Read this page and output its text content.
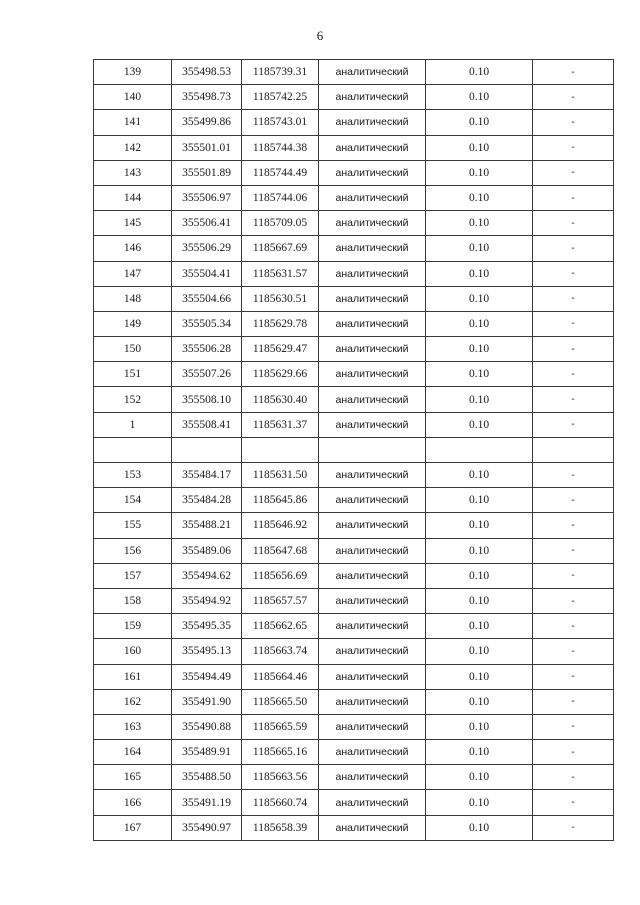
6
139	355498.53	1185739.31	аналитический	0.10	-
140	355498.73	1185742.25	аналитический	0.10	-
141	355499.86	1185743.01	аналитический	0.10	-
142	355501.01	1185744.38	аналитический	0.10	-
143	355501.89	1185744.49	аналитический	0.10	-
144	355506.97	1185744.06	аналитический	0.10	-
145	355506.41	1185709.05	аналитический	0.10	-
146	355506.29	1185667.69	аналитический	0.10	-
147	355504.41	1185631.57	аналитический	0.10	-
148	355504.66	1185630.51	аналитический	0.10	-
149	355505.34	1185629.78	аналитический	0.10	-
150	355506.28	1185629.47	аналитический	0.10	-
151	355507.26	1185629.66	аналитический	0.10	-
152	355508.10	1185630.40	аналитический	0.10	-
1	355508.41	1185631.37	аналитический	0.10	-

153	355484.17	1185631.50	аналитический	0.10	-
154	355484.28	1185645.86	аналитический	0.10	-
155	355488.21	1185646.92	аналитический	0.10	-
156	355489.06	1185647.68	аналитический	0.10	-
157	355494.62	1185656.69	аналитический	0.10	-
158	355494.92	1185657.57	аналитический	0.10	-
159	355495.35	1185662.65	аналитический	0.10	-
160	355495.13	1185663.74	аналитический	0.10	-
161	355494.49	1185664.46	аналитический	0.10	-
162	355491.90	1185665.50	аналитический	0.10	-
163	355490.88	1185665.59	аналитический	0.10	-
164	355489.91	1185665.16	аналитический	0.10	-
165	355488.50	1185663.56	аналитический	0.10	-
166	355491.19	1185660.74	аналитический	0.10	-
167	355490.97	1185658.39	аналитический	0.10	-
